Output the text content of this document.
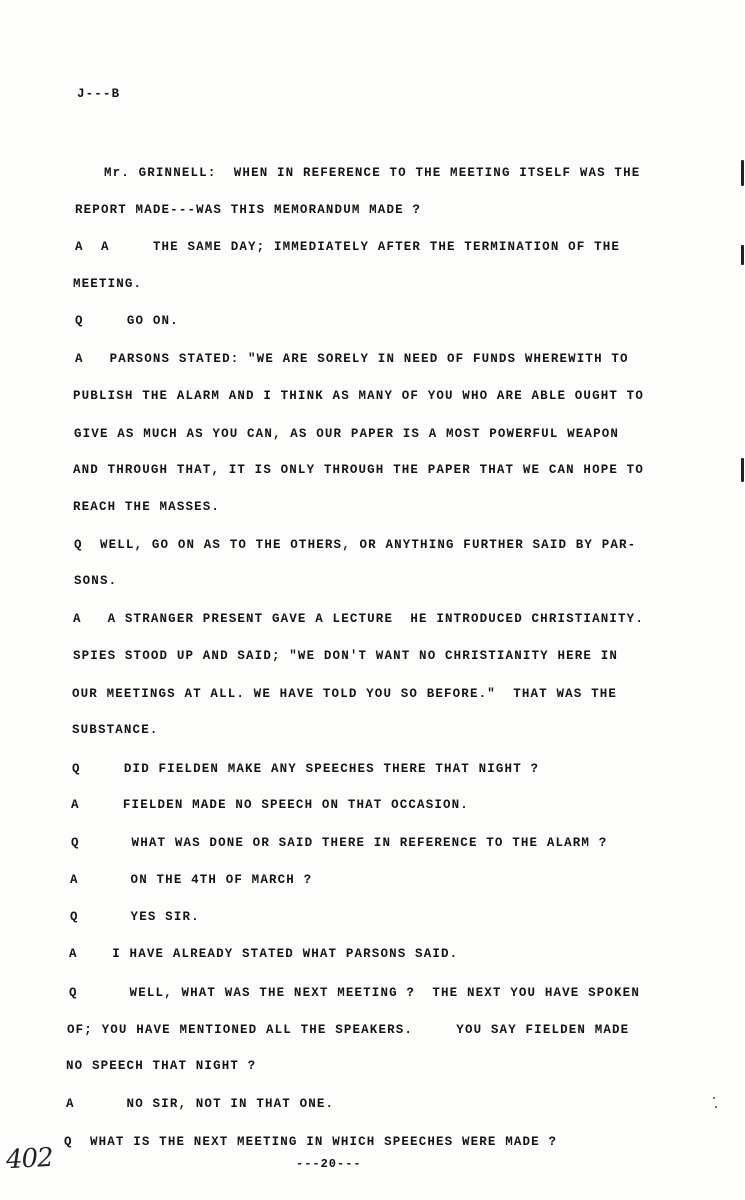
J---B
Mr. GRINNELL:  WHEN IN REFERENCE TO THE MEETING ITSELF WAS THE
REPORT MADE---WAS THIS MEMORANDUM MADE ?
A  A     THE SAME DAY; IMMEDIATELY AFTER THE TERMINATION OF THE
MEETING.
Q     GO ON.
A   PARSONS STATED: "WE ARE SORELY IN NEED OF FUNDS WHEREWITH TO
PUBLISH THE ALARM AND I THINK AS MANY OF YOU WHO ARE ABLE OUGHT TO
GIVE AS MUCH AS YOU CAN, AS OUR PAPER IS A MOST POWERFUL WEAPON
AND THROUGH THAT, IT IS ONLY THROUGH THE PAPER THAT WE CAN HOPE TO
REACH THE MASSES.
Q  WELL, GO ON AS TO THE OTHERS, OR ANYTHING FURTHER SAID BY PAR-
SONS.
A   A STRANGER PRESENT GAVE A LECTURE  HE INTRODUCED CHRISTIANITY.
SPIES STOOD UP AND SAID; "WE DON'T WANT NO CHRISTIANITY HERE IN
OUR MEETINGS AT ALL. WE HAVE TOLD YOU SO BEFORE."  THAT WAS THE
SUBSTANCE.
Q     DID FIELDEN MAKE ANY SPEECHES THERE THAT NIGHT ?
A     FIELDEN MADE NO SPEECH ON THAT OCCASION.
Q      WHAT WAS DONE OR SAID THERE IN REFERENCE TO THE ALARM ?
A      ON THE 4TH OF MARCH ?
Q      YES SIR.
A    I HAVE ALREADY STATED WHAT PARSONS SAID.
Q      WELL, WHAT WAS THE NEXT MEETING ?  THE NEXT YOU HAVE SPOKEN
OF; YOU HAVE MENTIONED ALL THE SPEAKERS.     YOU SAY FIELDEN MADE
NO SPEECH THAT NIGHT ?
A      NO SIR, NOT IN THAT ONE.
Q  WHAT IS THE NEXT MEETING IN WHICH SPEECHES WERE MADE ?
---20---
402
